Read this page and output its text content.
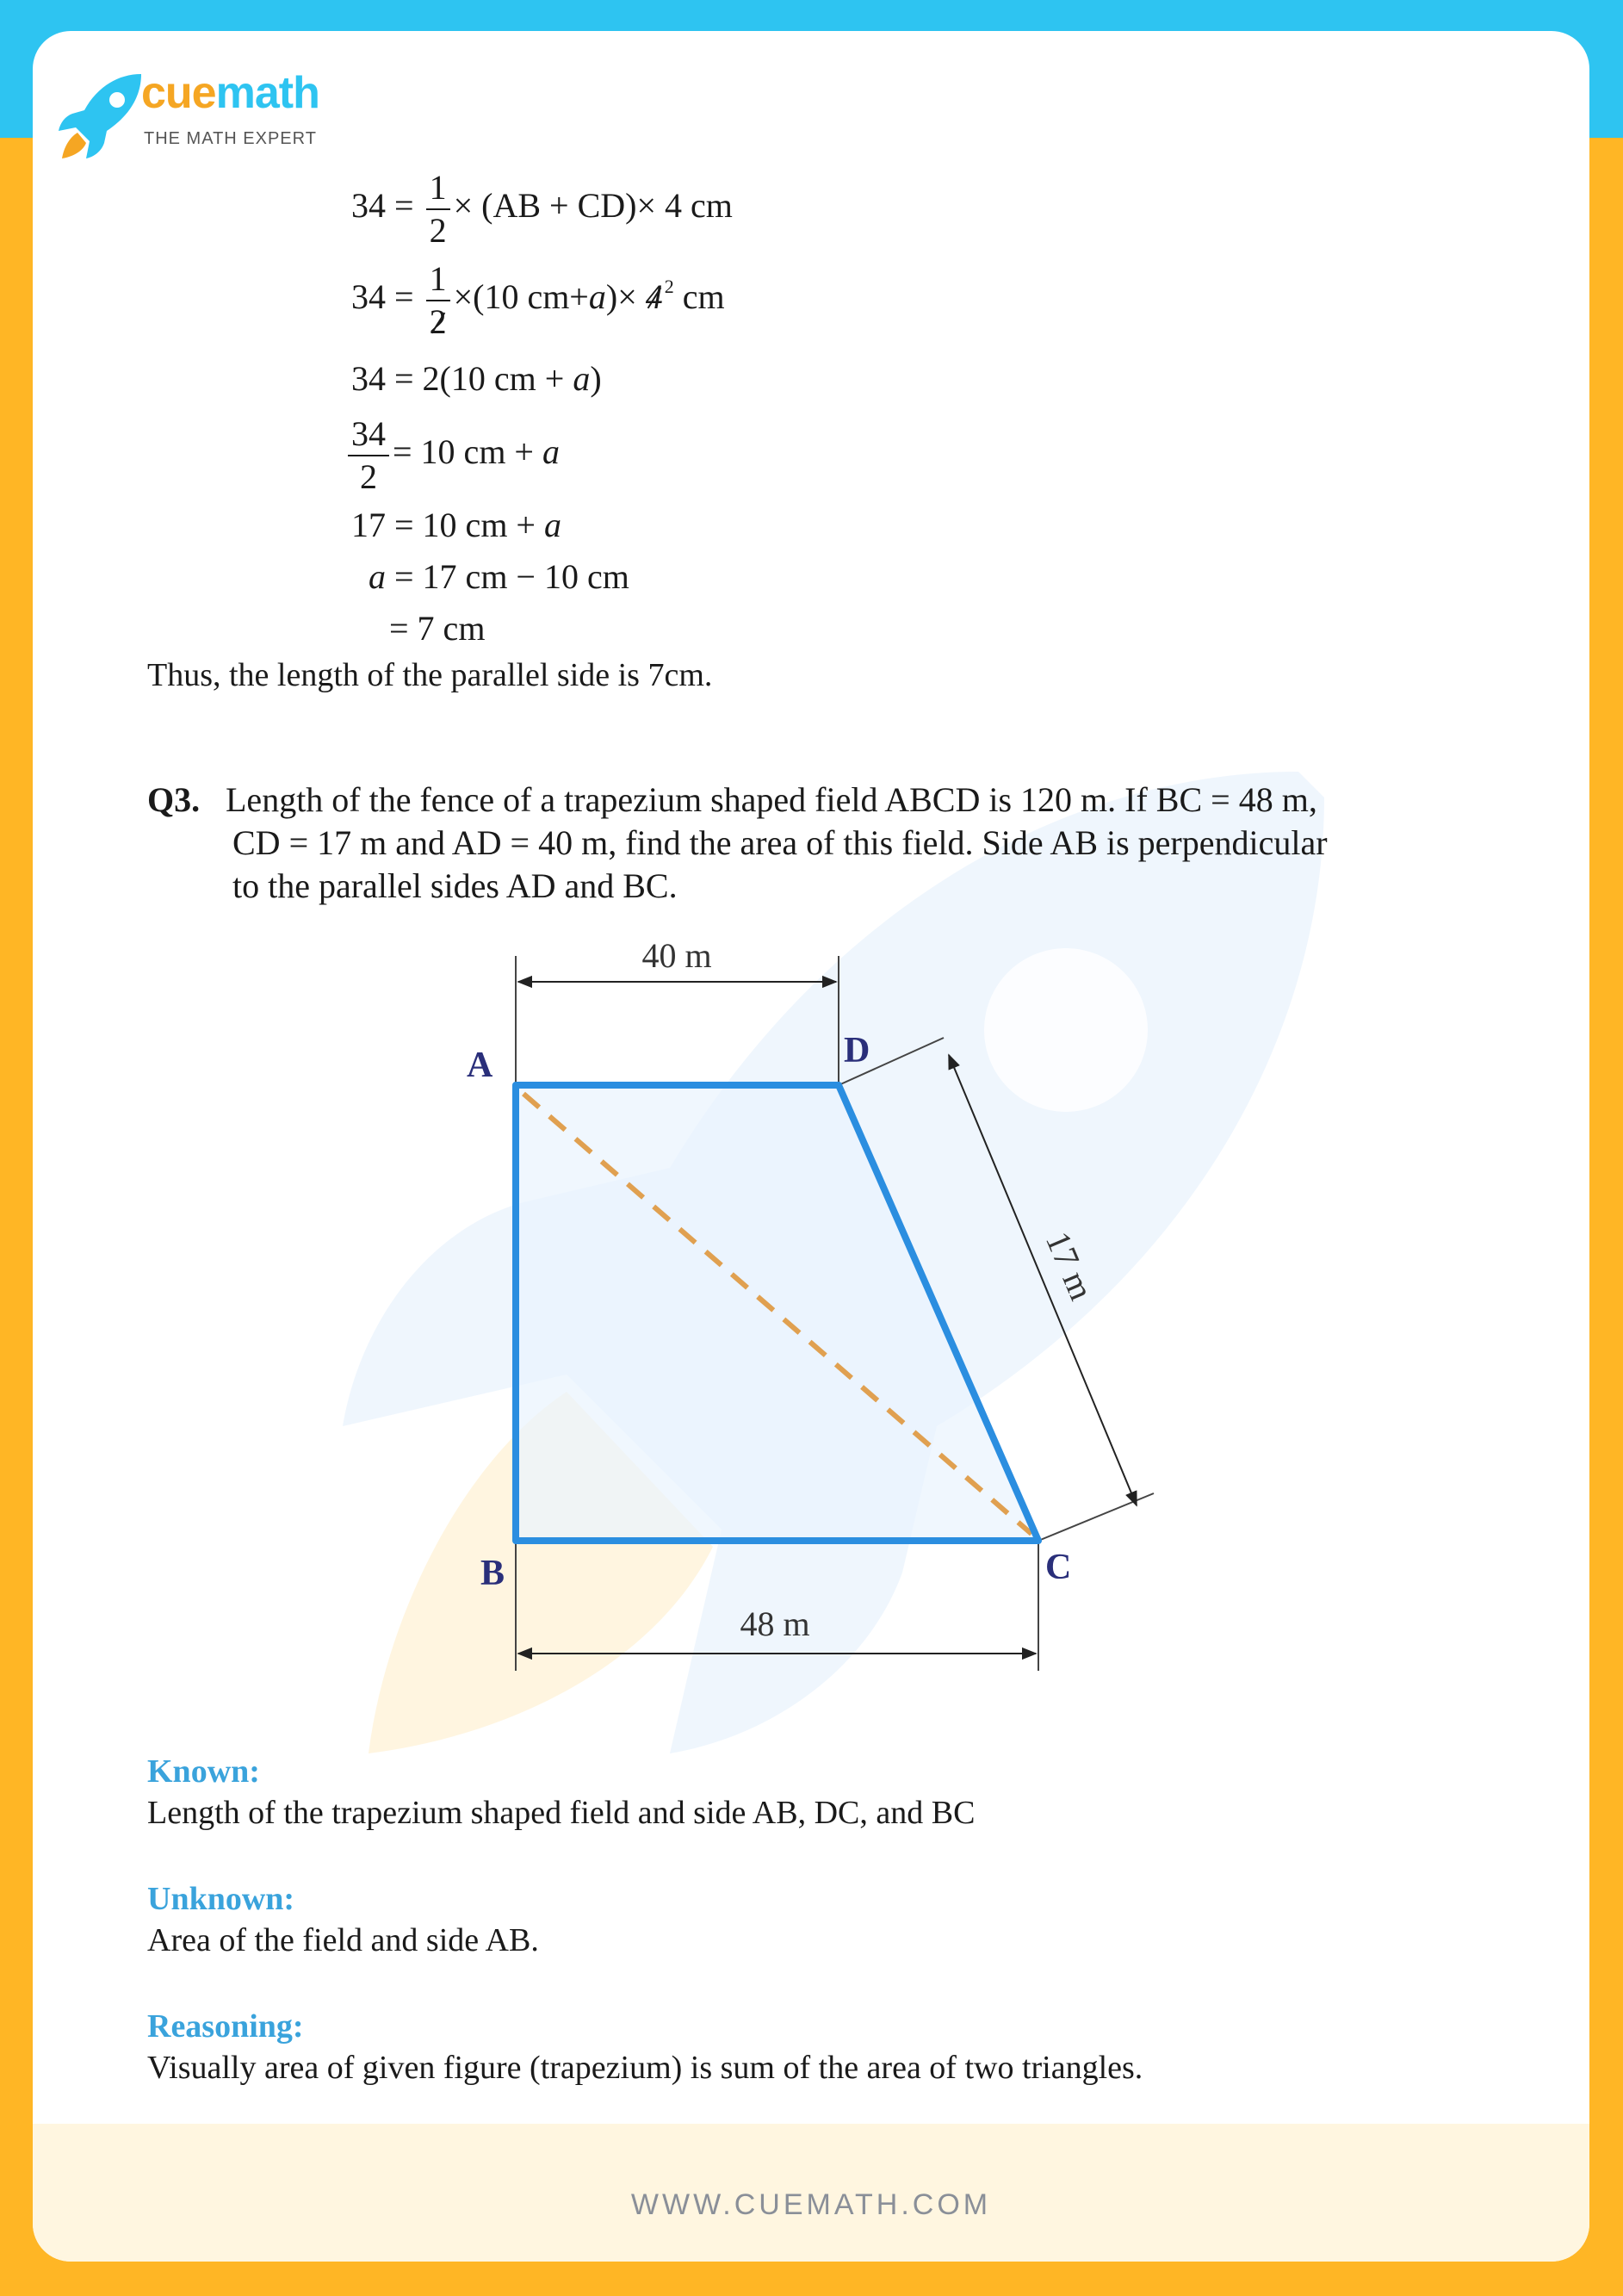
WWW.CUEMATH.COM
cuemath
THE MATH EXPERT
$34 = \frac{1}{2} \times (AB + CD)\times 4$ cm
$34 = \frac{1}{2} \times(10$ $cm+a)\times 4^2$ cm
34 = 2(10 cm + a)
$\frac{34}{2} = 10$ cm + a
17 = 10 cm + a
a = 17 cm − 10 cm
= 7 cm
Thus, the length of the parallel side is 7cm.
Q3. Length of the fence of a trapezium shaped field ABCD is 120 m. If BC = 48 m,
CD = 17 m and AD = 40 m, find the area of this field. Side AB is perpendicular
to the parallel sides AD and BC.
A
B	C
D
40 m
48 m
17 m
Known:
Length of the trapezium shaped field and side AB, DC, and BC
Unknown:
Area of the field and side AB.
Reasoning:
Visually area of given figure (trapezium) is sum of the area of two triangles.
